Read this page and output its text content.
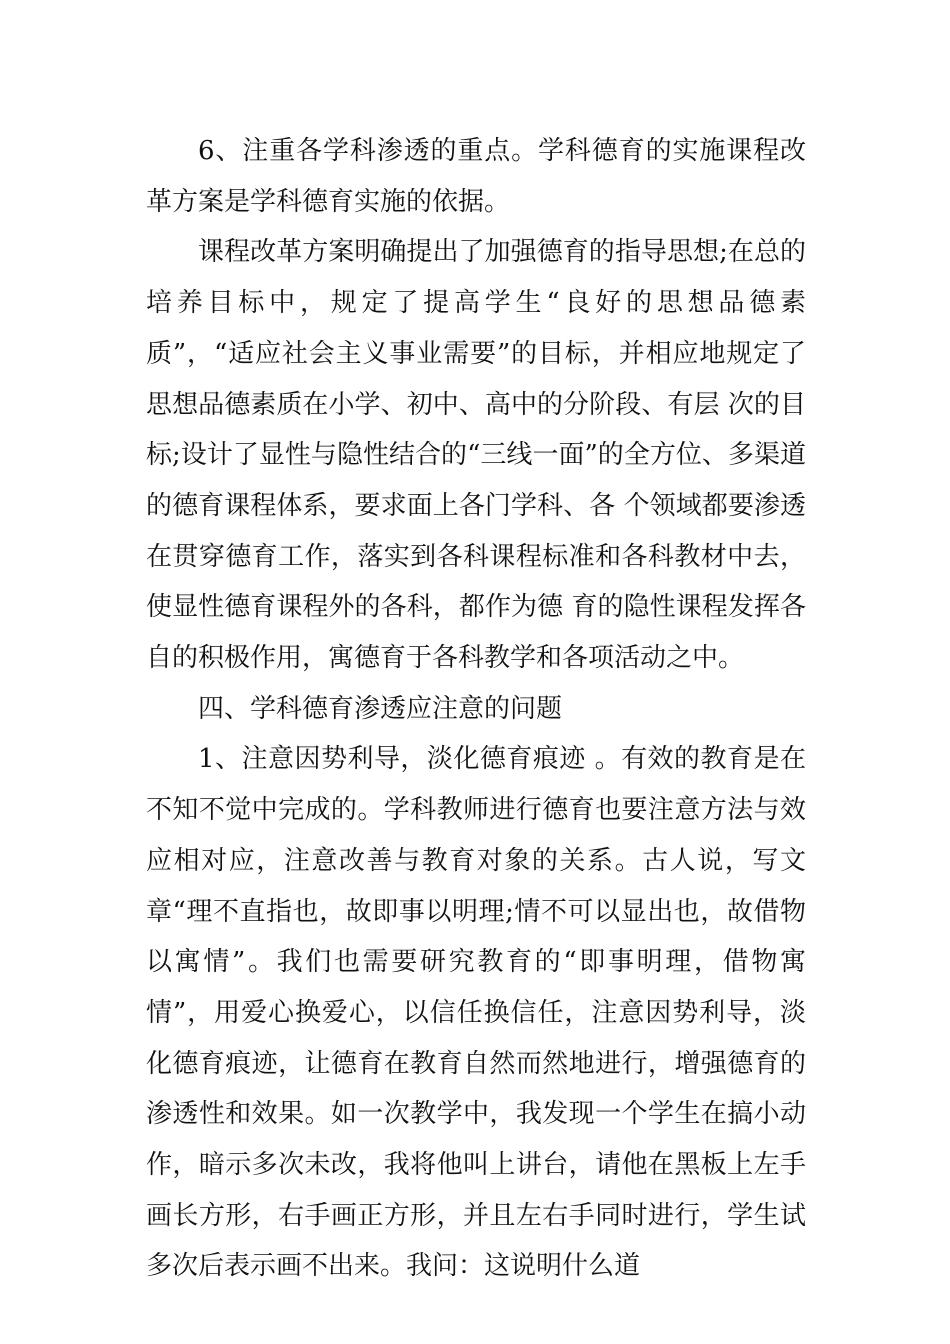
6、注重各学科渗透的重点。学科德育的实施课程改革方案是学科德育实施的依据。

课程改革方案明确提出了加强德育的指导思想;在总的培养目标中，规定了提高学生“良好的思想品德素 质”，“适应社会主义事业需要”的目标，并相应地规定了思想品德素质在小学、初中、高中的分阶段、有层 次的目标;设计了显性与隐性结合的“三线一面”的全方位、多渠道的德育课程体系，要求面上各门学科、各 个领域都要渗透在贯穿德育工作，落实到各科课程标准和各科教材中去，使显性德育课程外的各科，都作为德 育的隐性课程发挥各自的积极作用，寓德育于各科教学和各项活动之中。

四、学科德育渗透应注意的问题

1、注意因势利导，淡化德育痕迹 。有效的教育是在不知不觉中完成的。学科教师进行德育也要注意方法与效应相对应，注意改善与教育对象的关系。古人说，写文章“理不直指也，故即事以明理;情不可以显出也，故借物以寓情”。我们也需要研究教育的“即事明理，借物寓情”，用爱心换爱心，以信任换信任，注意因势利导，淡化德育痕迹，让德育在教育自然而然地进行，增强德育的渗透性和效果。如一次教学中，我发现一个学生在搞小动作，暗示多次未改，我将他叫上讲台，请他在黑板上左手画长方形，右手画正方形，并且左右手同时进行，学生试多次后表示画不出来。我问：这说明什么道
